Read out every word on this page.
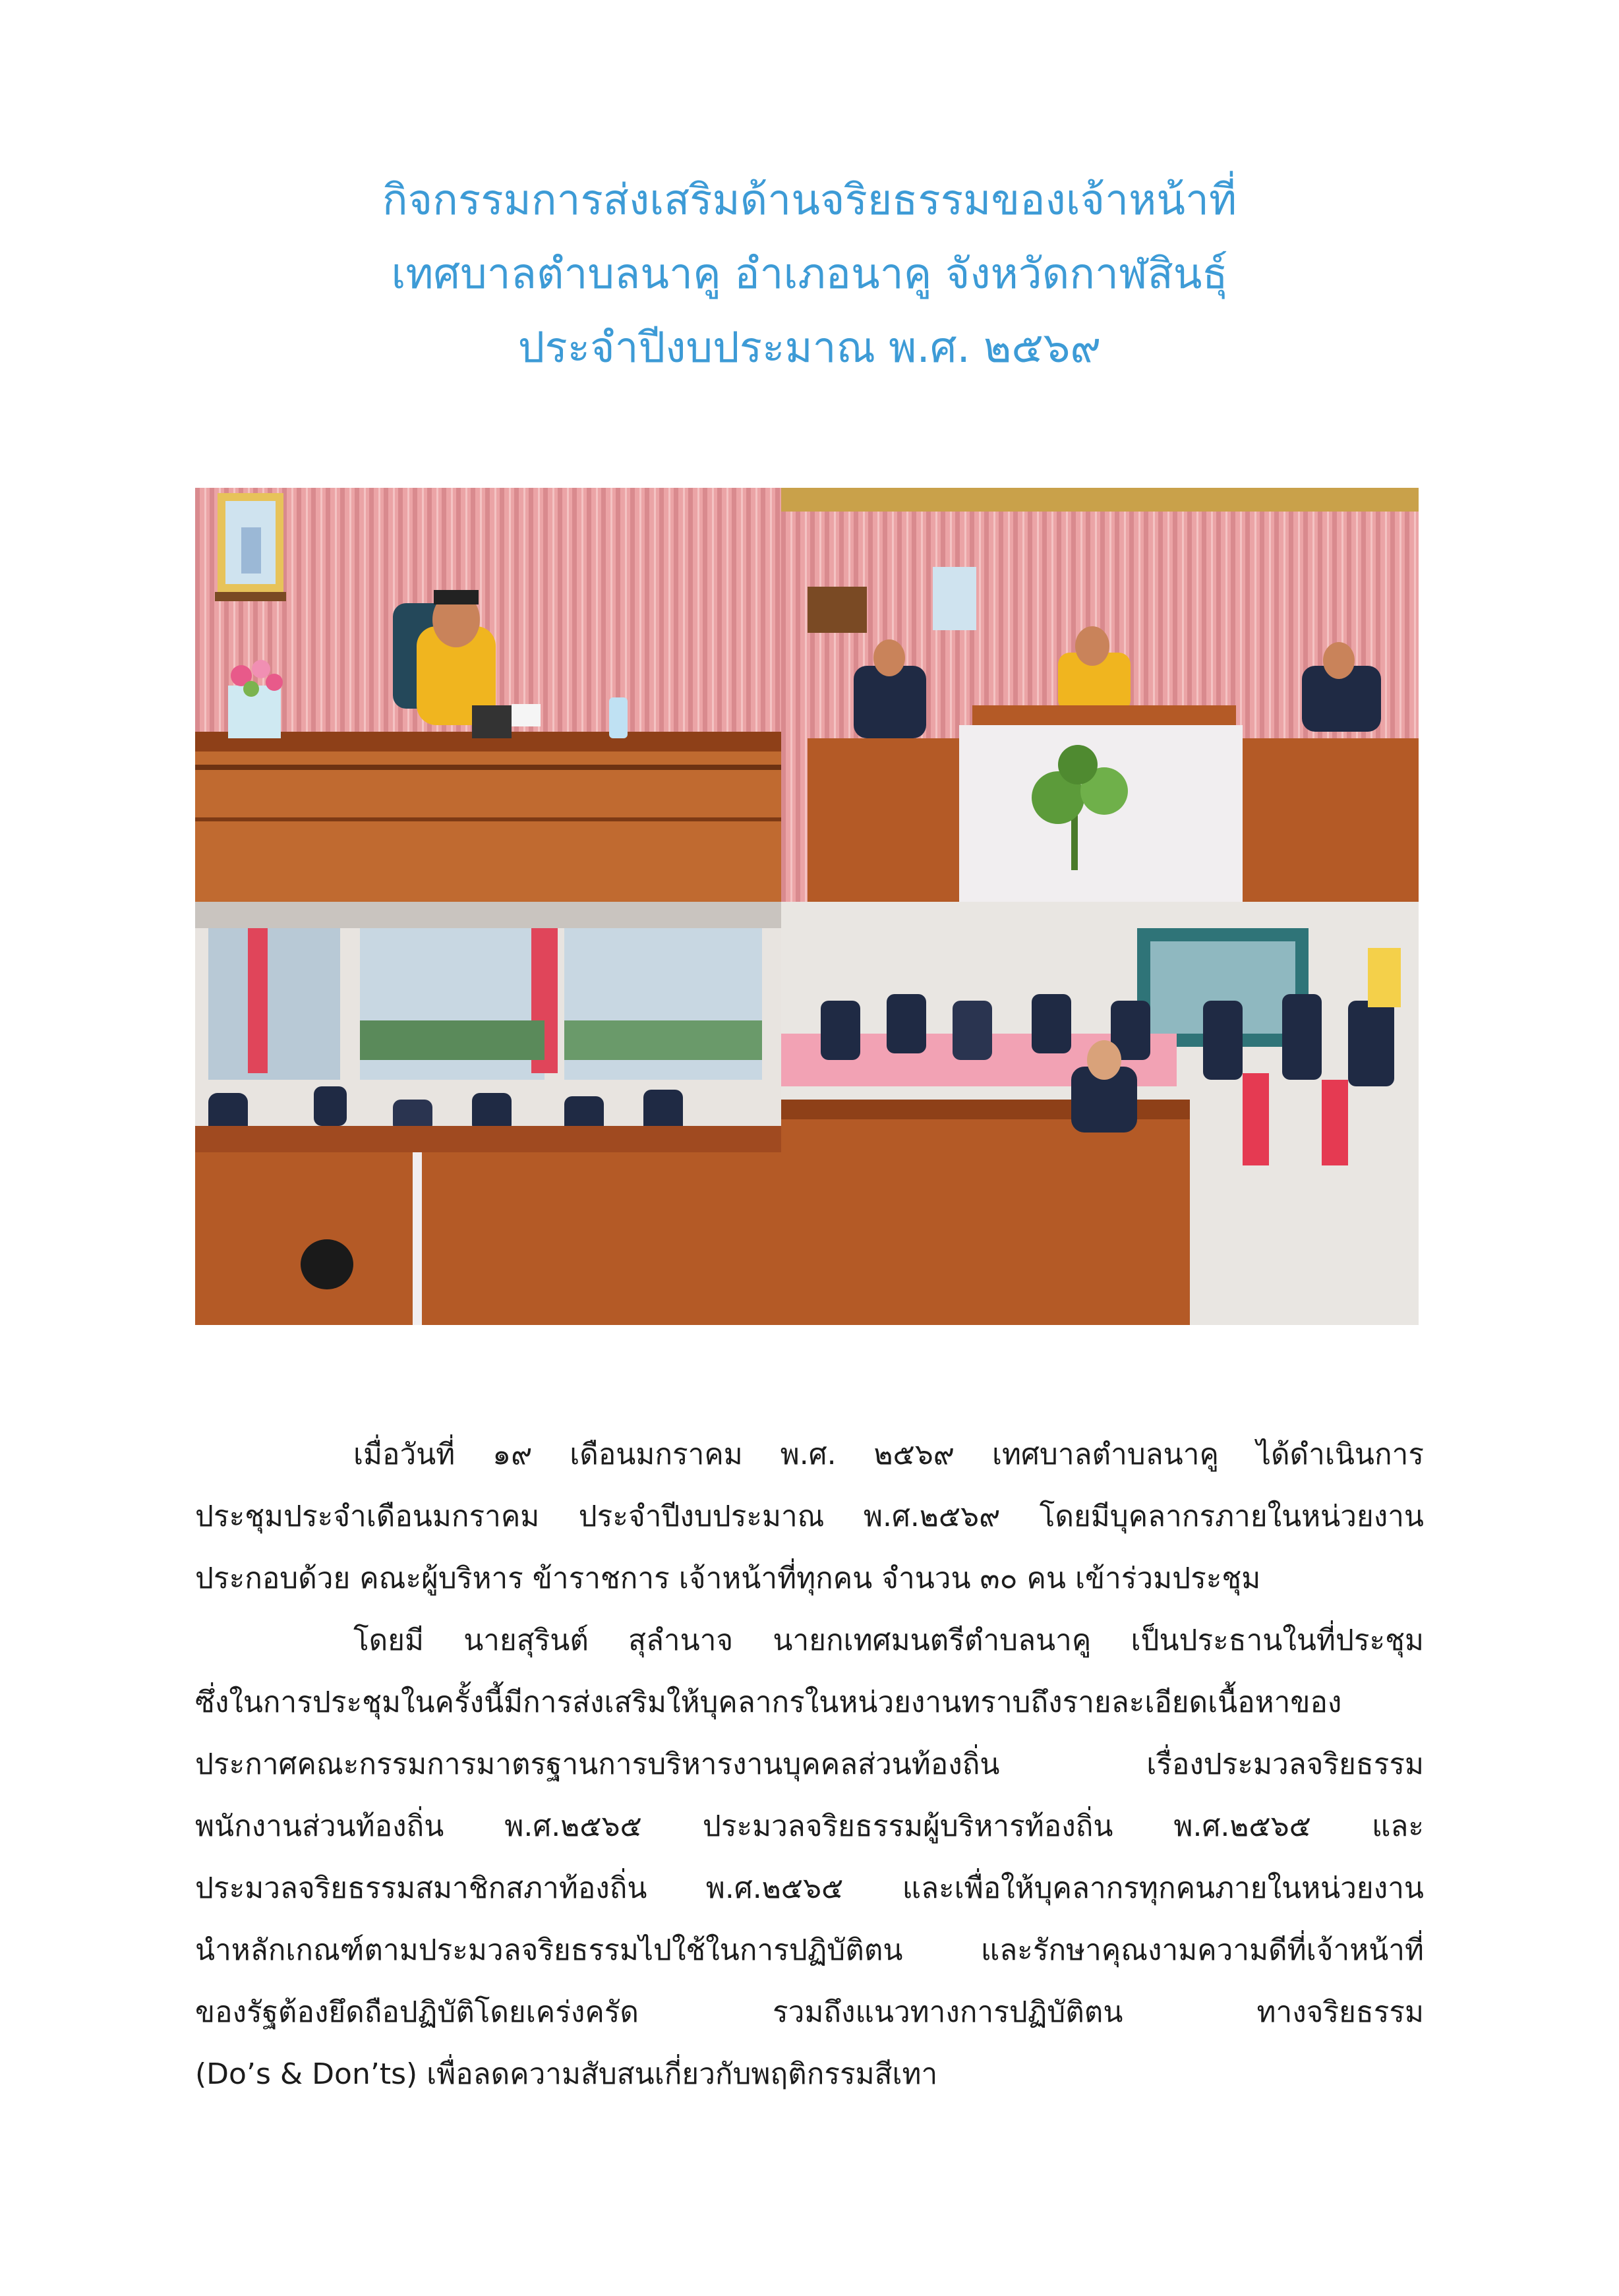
กิจกรรมการส่งเสริมด้านจริยธรรมของเจ้าหน้าที่
เทศบาลตำบลนาคู อำเภอนาคู จังหวัดกาฬสินธุ์
ประจำปีงบประมาณ พ.ศ. ๒๕๖๙
เมื่อวันที่ ๑๙ เดือนมกราคม พ.ศ. ๒๕๖๙ เทศบาลตำบลนาคู ได้ดำเนินการ
ประชุมประจำเดือนมกราคม ประจำปีงบประมาณ พ.ศ.๒๕๖๙ โดยมีบุคลากรภายในหน่วยงาน
ประกอบด้วย คณะผู้บริหาร ข้าราชการ เจ้าหน้าที่ทุกคน จำนวน ๓๐ คน เข้าร่วมประชุม
โดยมี นายสุรินต์ สุลำนาจ นายกเทศมนตรีตำบลนาคู เป็นประธานในที่ประชุม
ซึ่งในการประชุมในครั้งนี้มีการส่งเสริมให้บุคลากรในหน่วยงานทราบถึงรายละเอียดเนื้อหาของ
ประกาศคณะกรรมการมาตรฐานการบริหารงานบุคคลส่วนท้องถิ่น เรื่องประมวลจริยธรรม
พนักงานส่วนท้องถิ่น พ.ศ.๒๕๖๕ ประมวลจริยธรรมผู้บริหารท้องถิ่น พ.ศ.๒๕๖๕ และ
ประมวลจริยธรรมสมาชิกสภาท้องถิ่น พ.ศ.๒๕๖๕ และเพื่อให้บุคลากรทุกคนภายในหน่วยงาน
นำหลักเกณฑ์ตามประมวลจริยธรรมไปใช้ในการปฏิบัติตน และรักษาคุณงามความดีที่เจ้าหน้าที่
ของรัฐต้องยึดถือปฏิบัติโดยเคร่งครัด รวมถึงแนวทางการปฏิบัติตน ทางจริยธรรม
(Do’s & Don’ts) เพื่อลดความสับสนเกี่ยวกับพฤติกรรมสีเทา
